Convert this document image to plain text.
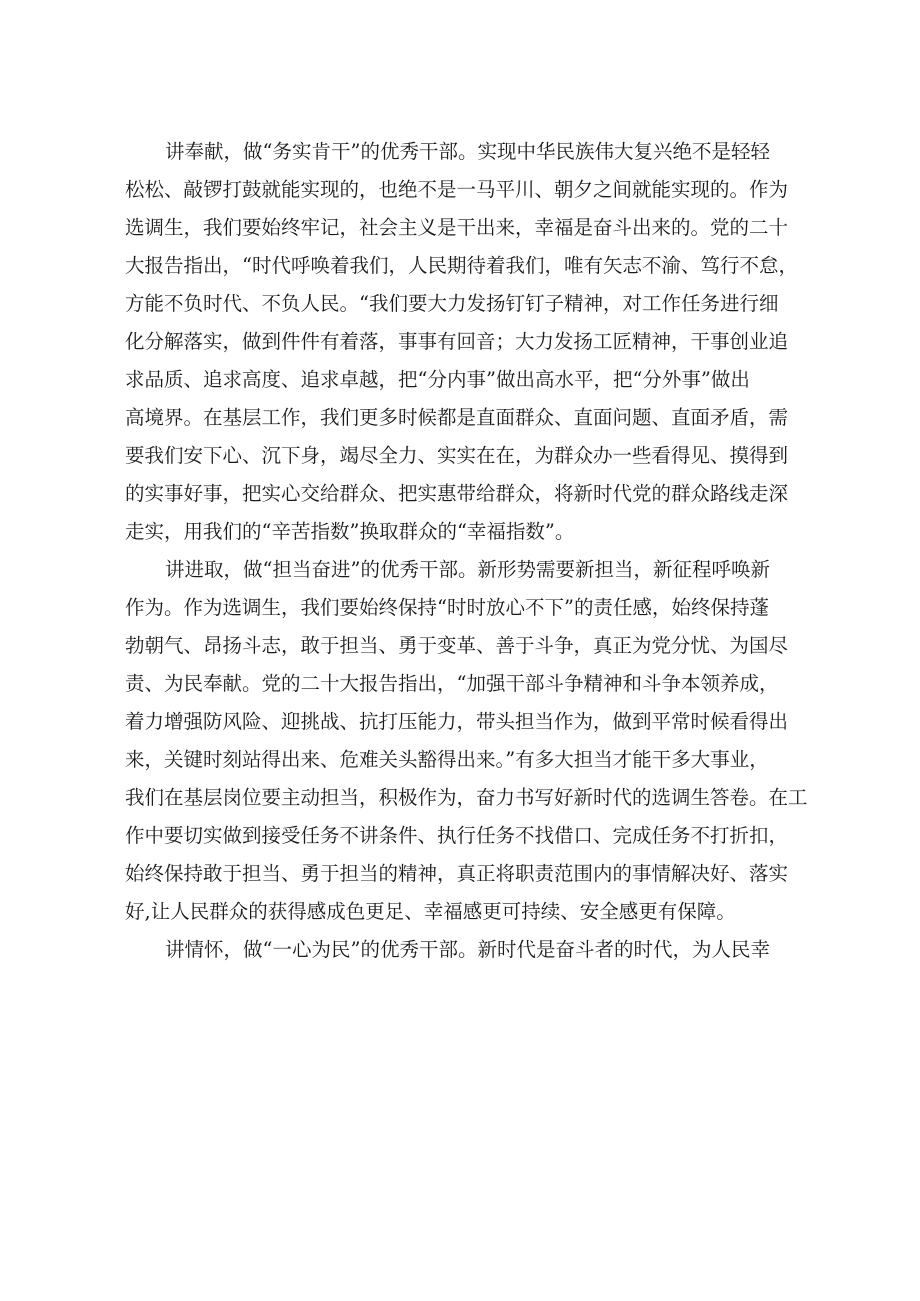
讲奉献，做“务实肯干”的优秀干部。实现中华民族伟大复兴绝不是轻轻
松松、敲锣打鼓就能实现的，也绝不是一马平川、朝夕之间就能实现的。作为
选调生，我们要始终牢记，社会主义是干出来，幸福是奋斗出来的。党的二十
大报告指出，“时代呼唤着我们，人民期待着我们，唯有矢志不渝、笃行不怠，
方能不负时代、不负人民。“我们要大力发扬钉钉子精神，对工作任务进行细
化分解落实，做到件件有着落，事事有回音；大力发扬工匠精神，干事创业追
求品质、追求高度、追求卓越，把“分内事”做出高水平，把“分外事”做出
高境界。在基层工作，我们更多时候都是直面群众、直面问题、直面矛盾，需
要我们安下心、沉下身，竭尽全力、实实在在，为群众办一些看得见、摸得到
的实事好事，把实心交给群众、把实惠带给群众，将新时代党的群众路线走深
走实，用我们的“辛苦指数”换取群众的“幸福指数”。
讲进取，做“担当奋进”的优秀干部。新形势需要新担当，新征程呼唤新
作为。作为选调生，我们要始终保持“时时放心不下”的责任感，始终保持蓬
勃朝气、昂扬斗志，敢于担当、勇于变革、善于斗争，真正为党分忧、为国尽
责、为民奉献。党的二十大报告指出，“加强干部斗争精神和斗争本领养成，
着力增强防风险、迎挑战、抗打压能力，带头担当作为，做到平常时候看得出
来，关键时刻站得出来、危难关头豁得出来。”有多大担当才能干多大事业，
我们在基层岗位要主动担当，积极作为，奋力书写好新时代的选调生答卷。在工
作中要切实做到接受任务不讲条件、执行任务不找借口、完成任务不打折扣，
始终保持敢于担当、勇于担当的精神，真正将职责范围内的事情解决好、落实
好,让人民群众的获得感成色更足、幸福感更可持续、安全感更有保障。
讲情怀，做“一心为民”的优秀干部。新时代是奋斗者的时代，为人民幸
